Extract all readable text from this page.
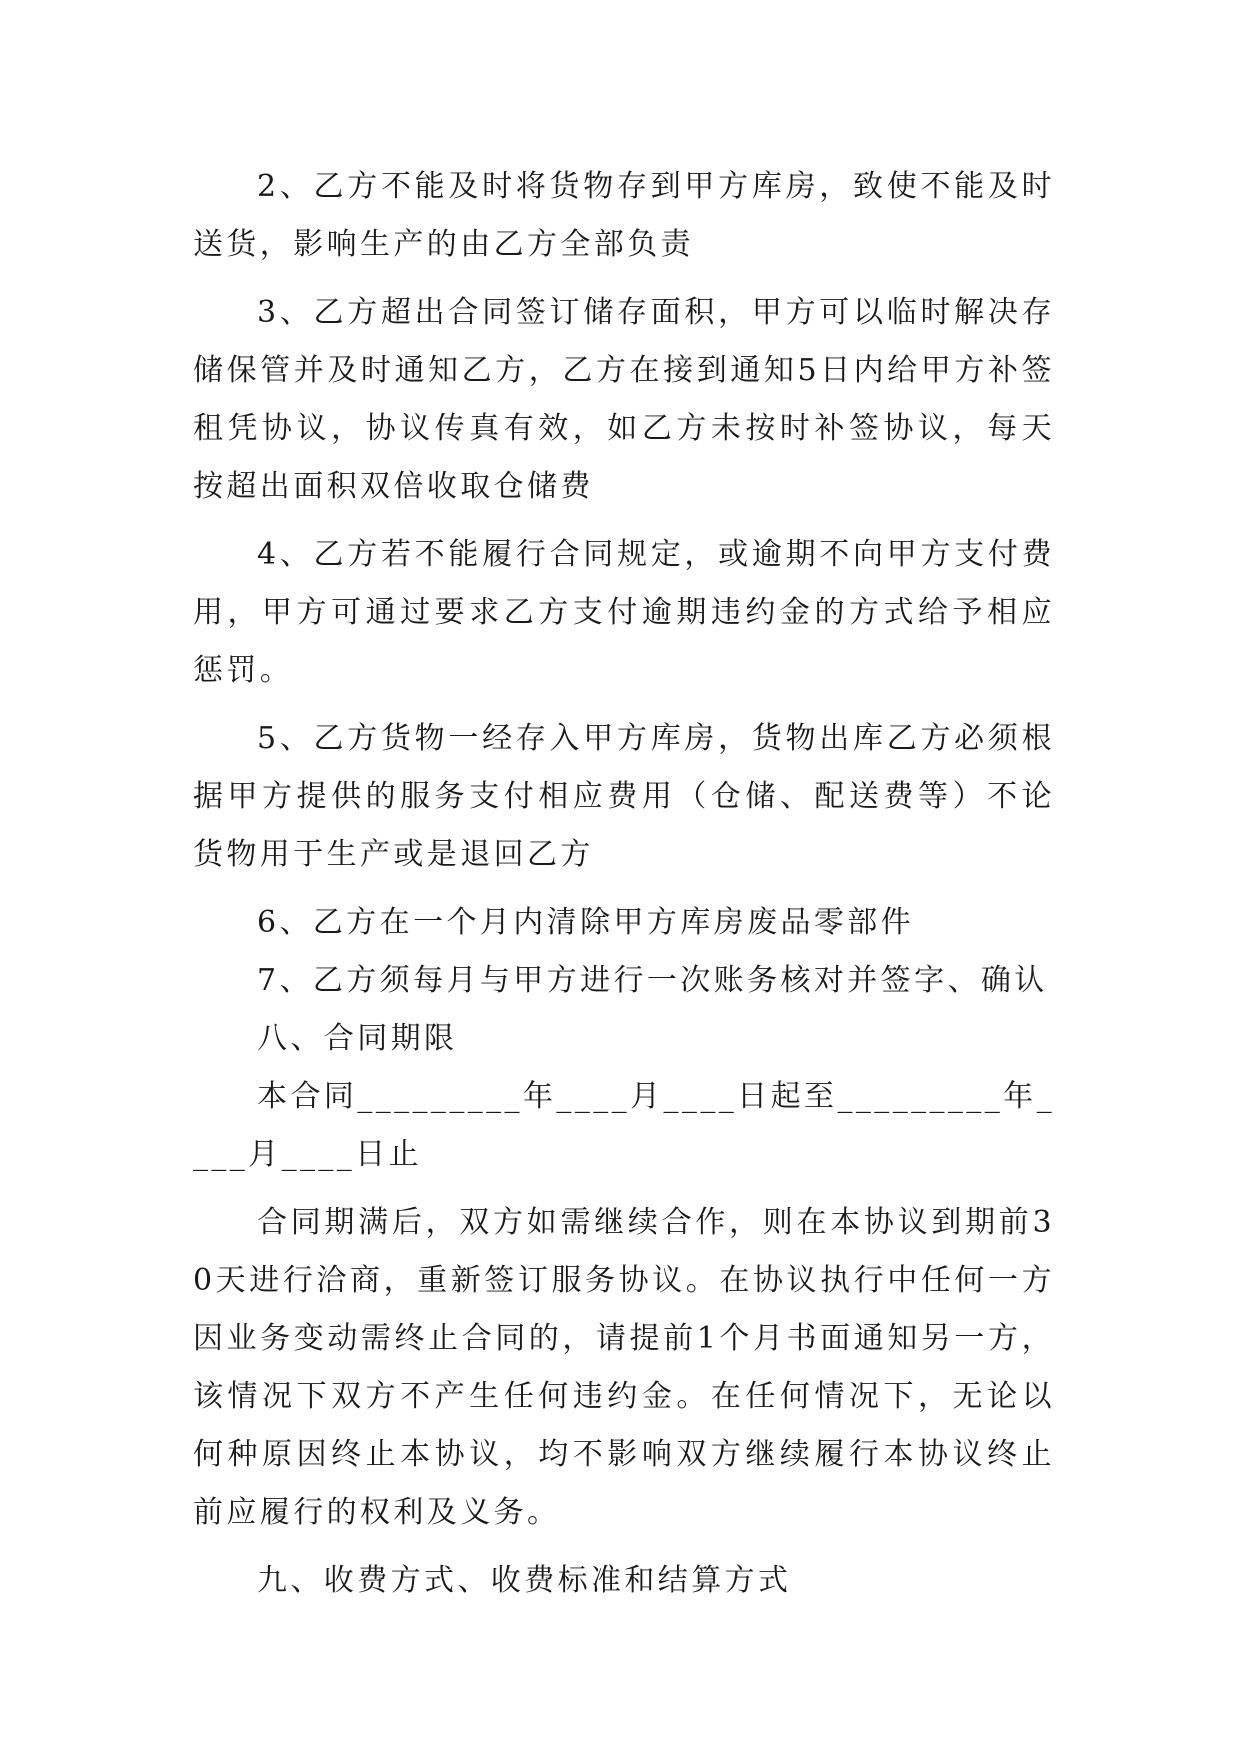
2、乙方不能及时将货物存到甲方库房，致使不能及时送货，影响生产的由乙方全部负责

3、乙方超出合同签订储存面积，甲方可以临时解决存储保管并及时通知乙方，乙方在接到通知5日内给甲方补签租凭协议，协议传真有效，如乙方未按时补签协议，每天按超出面积双倍收取仓储费

4、乙方若不能履行合同规定，或逾期不向甲方支付费用，甲方可通过要求乙方支付逾期违约金的方式给予相应惩罚。

5、乙方货物一经存入甲方库房，货物出库乙方必须根据甲方提供的服务支付相应费用（仓储、配送费等）不论货物用于生产或是退回乙方

6、乙方在一个月内清除甲方库房废品零部件

7、乙方须每月与甲方进行一次账务核对并签字、确认

八、合同期限

本合同_________年____月____日起至_________年____月____日止

合同期满后，双方如需继续合作，则在本协议到期前30天进行洽商，重新签订服务协议。在协议执行中任何一方因业务变动需终止合同的，请提前1个月书面通知另一方，该情况下双方不产生任何违约金。在任何情况下，无论以何种原因终止本协议，均不影响双方继续履行本协议终止前应履行的权利及义务。

九、收费方式、收费标准和结算方式
